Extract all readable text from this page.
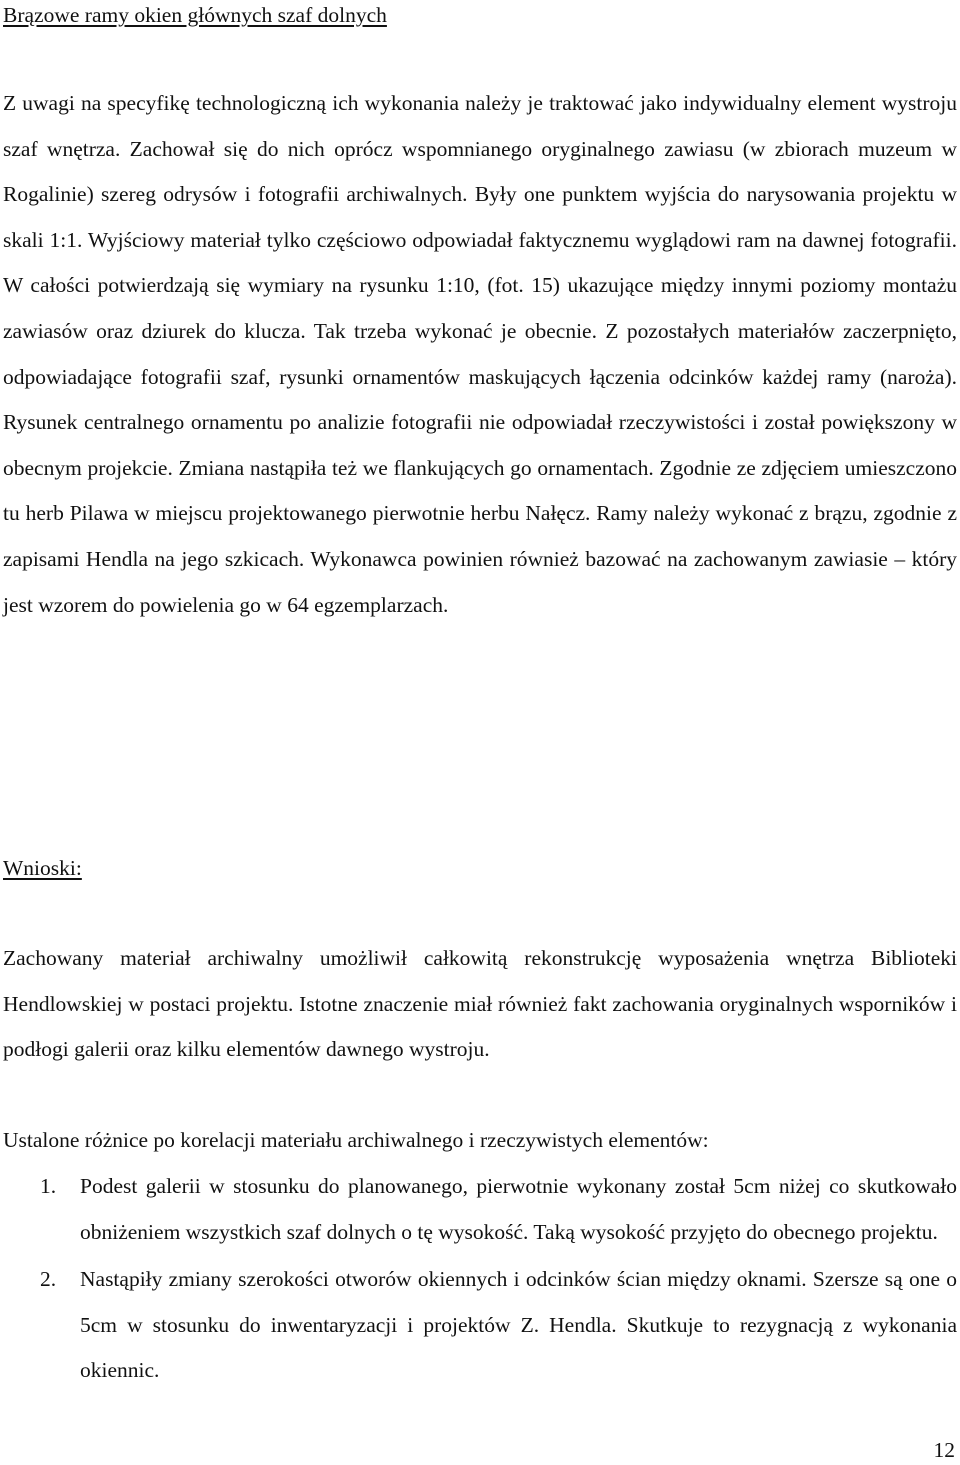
Brązowe ramy okien głównych szaf dolnych

Z uwagi na specyfikę technologiczną ich wykonania należy je traktować jako indywidualny element wystroju szaf wnętrza. Zachował się do nich oprócz wspomnianego oryginalnego zawiasu (w zbiorach muzeum w Rogalinie) szereg odrysów i fotografii archiwalnych. Były one punktem wyjścia do narysowania projektu w skali 1:1. Wyjściowy materiał tylko częściowo odpowiadał faktycznemu wyglądowi ram na dawnej fotografii. W całości potwierdzają się wymiary na rysunku 1:10, (fot. 15) ukazujące między innymi poziomy montażu zawiasów oraz dziurek do klucza. Tak trzeba wykonać je obecnie. Z pozostałych materiałów zaczerpnięto, odpowiadające fotografii szaf, rysunki ornamentów maskujących łączenia odcinków każdej ramy (naroża). Rysunek centralnego ornamentu po analizie fotografii nie odpowiadał rzeczywistości i został powiększony w obecnym projekcie. Zmiana nastąpiła też we flankujących go ornamentach. Zgodnie ze zdjęciem umieszczono tu herb Pilawa w miejscu projektowanego pierwotnie herbu Nałęcz. Ramy należy wykonać z brązu, zgodnie z zapisami Hendla na jego szkicach. Wykonawca powinien również bazować na zachowanym zawiasie – który jest wzorem do powielenia go w 64 egzemplarzach.

Wnioski:

Zachowany materiał archiwalny umożliwił całkowitą rekonstrukcję wyposażenia wnętrza Biblioteki Hendlowskiej w postaci projektu. Istotne znaczenie miał również fakt zachowania oryginalnych wsporników i podłogi galerii oraz kilku elementów dawnego wystroju.

Ustalone różnice po korelacji materiału archiwalnego i rzeczywistych elementów:

1. Podest galerii w stosunku do planowanego, pierwotnie wykonany został 5cm niżej co skutkowało obniżeniem wszystkich szaf dolnych o tę wysokość. Taką wysokość przyjęto do obecnego projektu.
2. Nastąpiły zmiany szerokości otworów okiennych i odcinków ścian między oknami. Szersze są one o 5cm w stosunku do inwentaryzacji i projektów Z. Hendla. Skutkuje to rezygnacją z wykonania okiennic.
12
